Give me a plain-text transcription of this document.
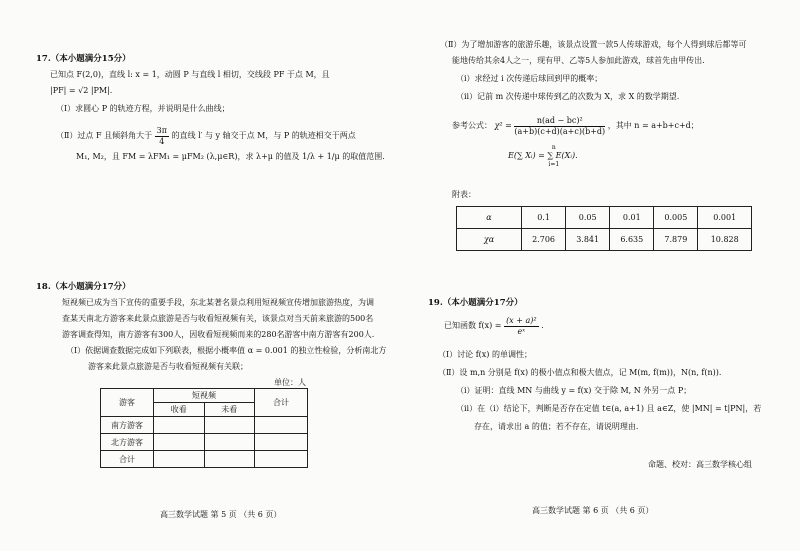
17.（本小题满分15分）
已知点 F(2,0)，直线 l: x = 1，动圆 P 与直线 l 相切，交线段 PF 于点 M，且
|PF| = √2 |PM|.
（Ⅰ）求圆心 P 的轨迹方程，并说明是什么曲线；
（Ⅱ）过点 F 且倾斜角大于 $\frac{3\pi}{4}$ 的直线 l′ 与 y 轴交于点 M，与 P 的轨迹相交于两点
M₁, M₂，且 FM = λFM₁ = μFM₂ (λ,μ∈R)，求 λ+μ 的值及 1/λ + 1/μ 的取值范围.
18.（本小题满分17分）
短视频已成为当下宣传的重要手段，东北某著名景点利用短视频宣传增加旅游热度，为调
查某天南北方游客来此景点旅游是否与收看短视频有关，该景点对当天前来旅游的500名
游客调查得知，南方游客有300人，因收看短视频而来的280名游客中南方游客有200人.
（Ⅰ）依据调查数据完成如下列联表，根据小概率值 α = 0.001 的独立性检验，分析南北方
游客来此景点旅游是否与收看短视频有关联；
单位：人
游客	短视频		合计
	收看	未看	
南方游客			
北方游客			
合计			
高三数学试题 第 5 页 （共 6 页）
（Ⅱ）为了增加游客的旅游乐趣，该景点设置一款5人传球游戏，每个人得到球后都等可
能地传给其余4人之一，现有甲、乙等5人参加此游戏，球首先由甲传出.
（i）求经过 i 次传递后球回到甲的概率；
（ii）记前 m 次传递中球传到乙的次数为 X，求 X 的数学期望.
参考公式： $\chi^2 = \frac{\text{n(ad − bc)²}}{(a+b)(c+d)(a+c)(b+d)}$ ，其中 n = a+b+c+d；
n
E(∑ Xᵢ) = ∑ E(Xᵢ).
i=1
附表：
α	0.1	0.05	0.01	0.005	0.001
χα	2.706	3.841	6.635	7.879	10.828
19.（本小题满分17分）
已知函数 $f(x) = \frac{\text{(x + a)²}}{\text{eˣ}}$ .
（Ⅰ）讨论 f(x) 的单调性；
（Ⅱ）设 m,n 分别是 f(x) 的极小值点和极大值点，记 M(m, f(m))，N(n, f(n)).
（i）证明：直线 MN 与曲线 y = f(x) 交于除 M, N 外另一点 P；
（ii）在（i）结论下，判断是否存在定值 t∈(a, a+1) 且 a∈Z，使 |MN| = t|PN|，若
存在，请求出 a 的值；若不存在，请说明理由.
命题、校对：高三数学核心组
高三数学试题 第 6 页 （共 6 页）
